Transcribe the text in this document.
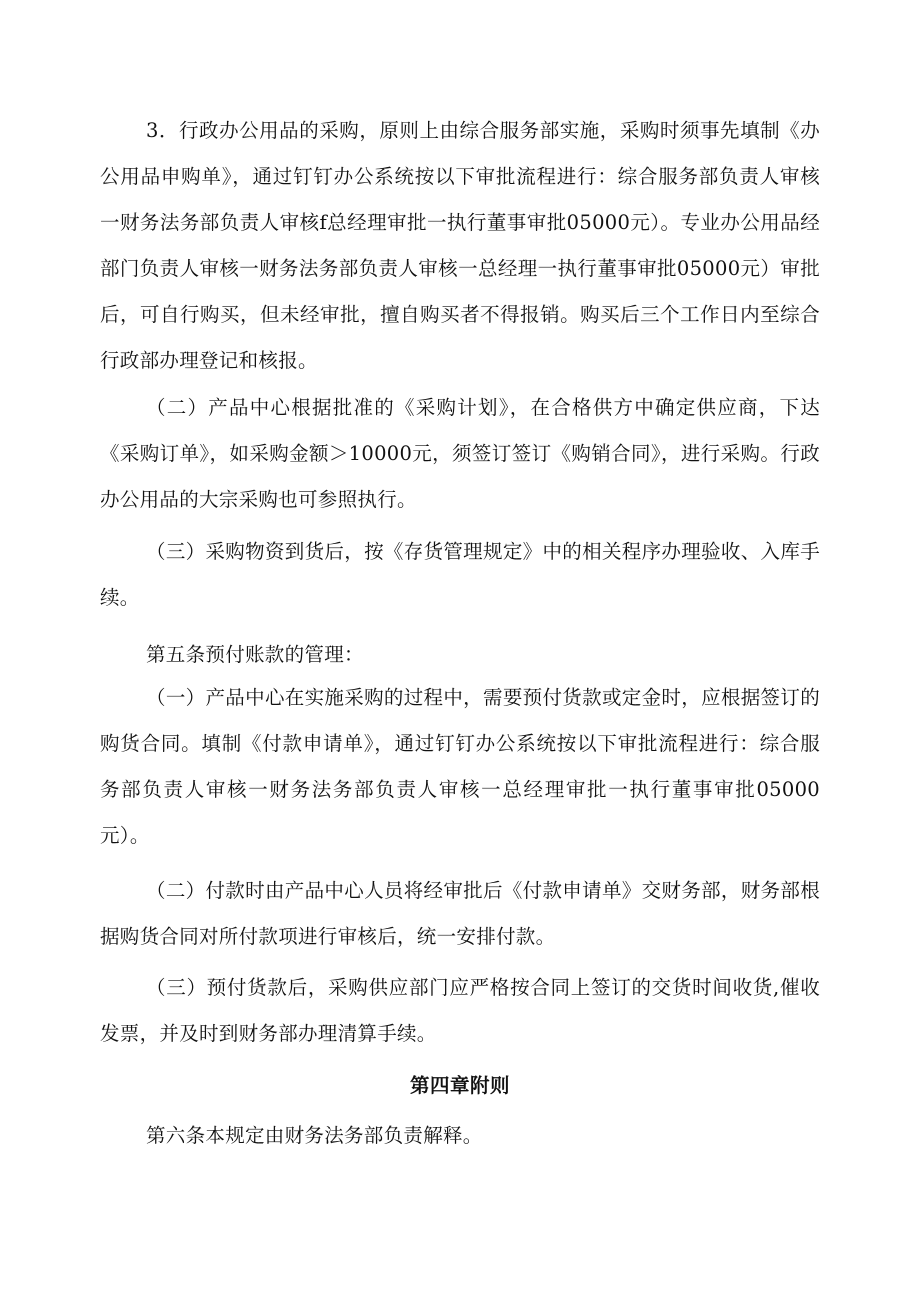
3．行政办公用品的采购，原则上由综合服务部实施，采购时须事先填制《办公用品申购单》，通过钉钉办公系统按以下审批流程进行：综合服务部负责人审核一财务法务部负责人审核f总经理审批一执行董事审批05000元）。专业办公用品经部门负责人审核一财务法务部负责人审核一总经理一执行董事审批05000元）审批后，可自行购买，但未经审批，擅自购买者不得报销。购买后三个工作日内至综合行政部办理登记和核报。

（二）产品中心根据批准的《采购计划》，在合格供方中确定供应商，下达《采购订单》，如采购金额＞10000元，须签订签订《购销合同》，进行采购。行政办公用品的大宗采购也可参照执行。

（三）采购物资到货后，按《存货管理规定》中的相关程序办理验收、入库手续。

第五条预付账款的管理：

（一）产品中心在实施采购的过程中，需要预付货款或定金时，应根据签订的购货合同。填制《付款申请单》，通过钉钉办公系统按以下审批流程进行：综合服务部负责人审核一财务法务部负责人审核一总经理审批一执行董事审批05000元）。

（二）付款时由产品中心人员将经审批后《付款申请单》交财务部，财务部根据购货合同对所付款项进行审核后，统一安排付款。

（三）预付货款后，采购供应部门应严格按合同上签订的交货时间收货,催收发票，并及时到财务部办理清算手续。

第四章附则

第六条本规定由财务法务部负责解释。
